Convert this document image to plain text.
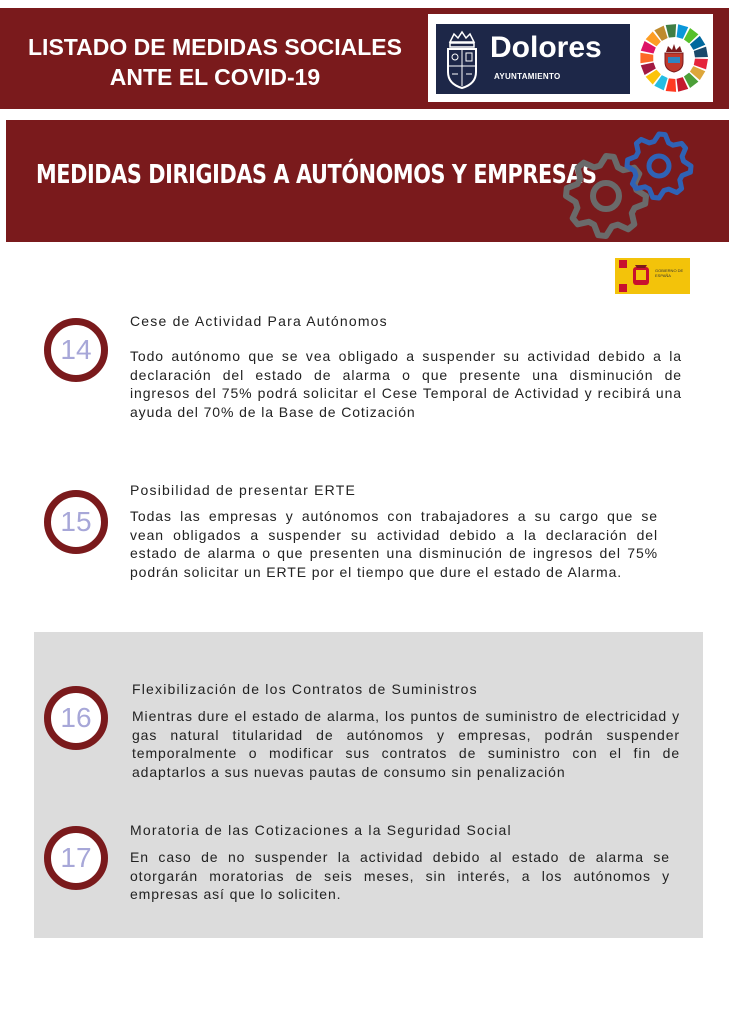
LISTADO DE MEDIDAS SOCIALES
ANTE EL COVID-19
Dolores
AYUNTAMIENTO
MEDIDAS DIRIGIDAS A AUTÓNOMOS Y EMPRESAS
GOBIERNO DE ESPAÑA
14
Cese de Actividad Para Autónomos
Todo autónomo que se vea obligado a suspender su actividad debido a la declaración del estado de alarma o que presente una disminución de ingresos del 75% podrá solicitar el Cese Temporal de Actividad y recibirá una ayuda del 70% de la Base de Cotización
15
Posibilidad de presentar ERTE
Todas las empresas y autónomos con trabajadores a su cargo que se vean obligados a suspender su actividad debido a la declaración del estado de alarma o que presenten una disminución de ingresos del 75% podrán solicitar un ERTE por el tiempo que dure el estado de Alarma.
16
Flexibilización de los Contratos de Suministros
Mientras dure el estado de alarma, los puntos de suministro de electricidad y gas natural titularidad de autónomos y empresas, podrán suspender temporalmente o modificar sus contratos de suministro con el fin de adaptarlos a sus nuevas pautas de consumo sin penalización
17
Moratoria de las Cotizaciones a la Seguridad Social
En caso de no suspender la actividad debido al estado de alarma se otorgarán moratorias de seis meses, sin interés, a los autónomos y empresas así que lo soliciten.
